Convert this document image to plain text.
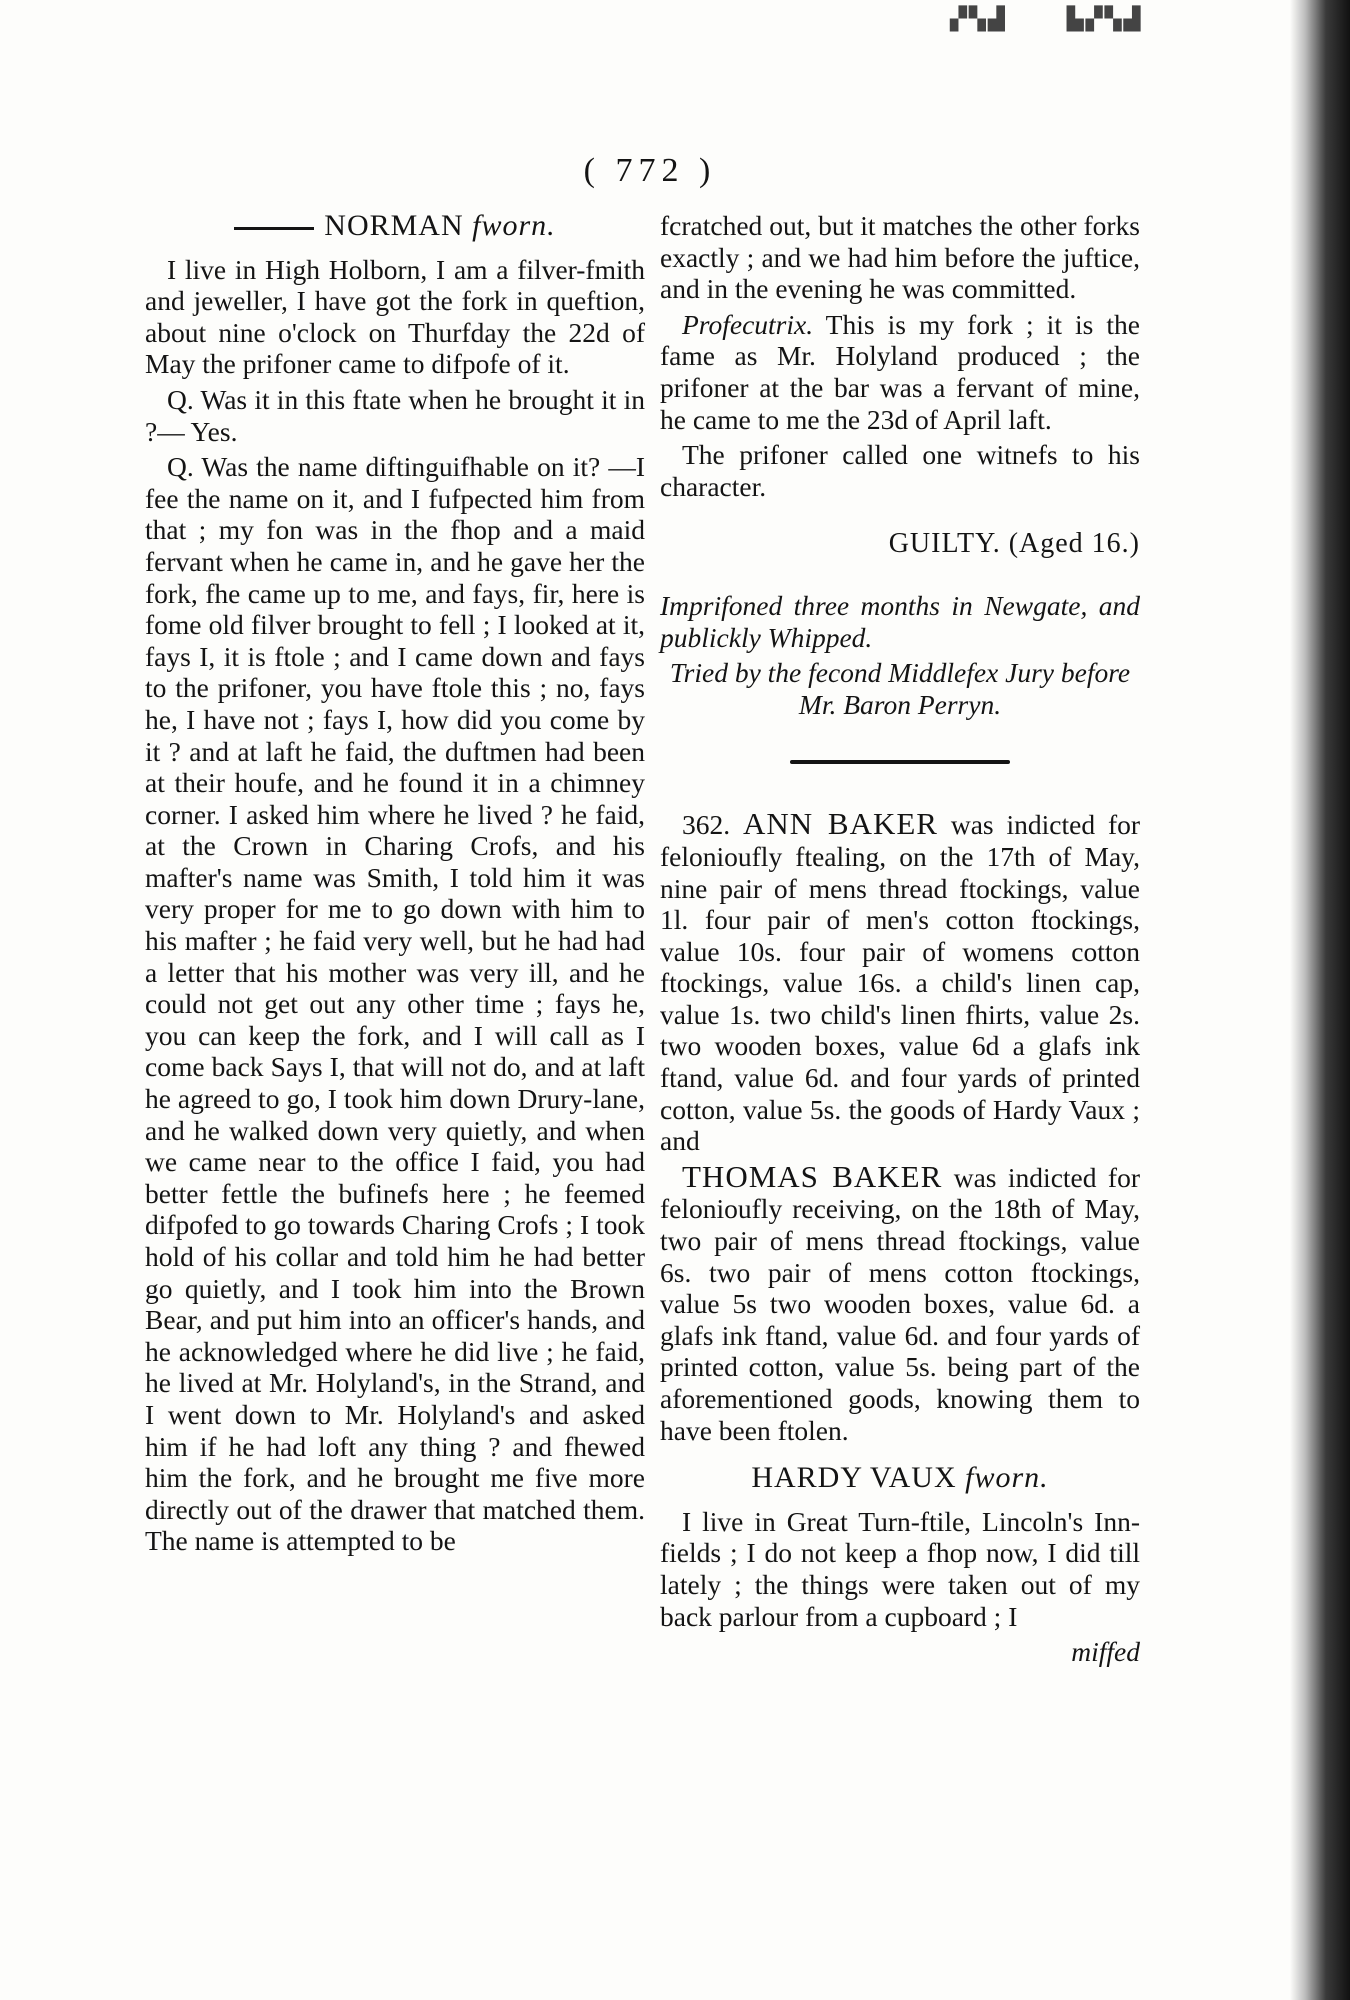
▞▚▟	▙▞▚▟
( 772 )
NORMAN fworn.

I live in High Holborn, I am a filver-fmith and jeweller, I have got the fork in queftion, about nine o'clock on Thurfday the 22d of May the prifoner came to difpofe of it.

Q. Was it in this ftate when he brought it in ?— Yes.

Q. Was the name diftinguifhable on it? —I fee the name on it, and I fufpected him from that ; my fon was in the fhop and a maid fervant when he came in, and he gave her the fork, fhe came up to me, and fays, fir, here is fome old filver brought to fell ; I looked at it, fays I, it is ftole ; and I came down and fays to the prifoner, you have ftole this ; no, fays he, I have not ; fays I, how did you come by it ? and at laft he faid, the duftmen had been at their houfe, and he found it in a chimney corner. I asked him where he lived ? he faid, at the Crown in Charing Crofs, and his mafter's name was Smith, I told him it was very proper for me to go down with him to his mafter ; he faid very well, but he had had a letter that his mother was very ill, and he could not get out any other time ; fays he, you can keep the fork, and I will call as I come back Says I, that will not do, and at laft he agreed to go, I took him down Drury-lane, and he walked down very quietly, and when we came near to the office I faid, you had better fettle the bufinefs here ; he feemed difpofed to go towards Charing Crofs ; I took hold of his collar and told him he had better go quietly, and I took him into the Brown Bear, and put him into an officer's hands, and he acknowledged where he did live ; he faid, he lived at Mr. Holyland's, in the Strand, and I went down to Mr. Holyland's and asked him if he had loft any thing ? and fhewed him the fork, and he brought me five more directly out of the drawer that matched them. The name is attempted to be

fcratched out, but it matches the other forks exactly ; and we had him before the juftice, and in the evening he was committed.

Profecutrix. This is my fork ; it is the fame as Mr. Holyland produced ; the prifoner at the bar was a fervant of mine, he came to me the 23d of April laft.

The prifoner called one witnefs to his character.

GUILTY. (Aged 16.)

Imprifoned three months in Newgate, and publickly Whipped.

Tried by the fecond Middlefex Jury before
Mr. Baron Perryn.

362. ANN BAKER was indicted for felonioufly ftealing, on the 17th of May, nine pair of mens thread ftockings, value 1l. four pair of men's cotton ftockings, value 10s. four pair of womens cotton ftockings, value 16s. a child's linen cap, value 1s. two child's linen fhirts, value 2s. two wooden boxes, value 6d a glafs ink ftand, value 6d. and four yards of printed cotton, value 5s. the goods of Hardy Vaux ; and

THOMAS BAKER was indicted for felonioufly receiving, on the 18th of May, two pair of mens thread ftockings, value 6s. two pair of mens cotton ftockings, value 5s two wooden boxes, value 6d. a glafs ink ftand, value 6d. and four yards of printed cotton, value 5s. being part of the aforementioned goods, knowing them to have been ftolen.

HARDY VAUX fworn.

I live in Great Turn-ftile, Lincoln's Inn-fields ; I do not keep a fhop now, I did till lately ; the things were taken out of my back parlour from a cupboard ; I

miffed
